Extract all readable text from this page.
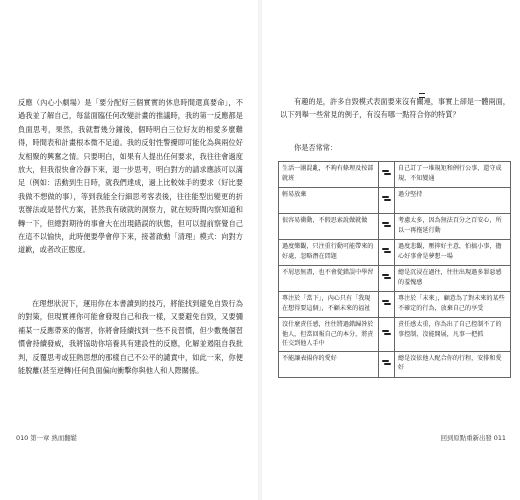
反應（內心小劇場）是「要分配好三個實實的休息時間還真要命」，不過我並了解自己，每當面臨任何改變計畫的推議時，我的第一反應都是負面思考，果然，我就暫幾分鐘後，個時明白三位好友的相愛多麼難得，時間表和計畫根本微不足道。我的反射性警擾即可能化為與兩位好友相聚的興奮之情。只要明白，如果有人提出任何要求，我往往會過度放大，但我很快會冷靜下來，退一步思考，明白對方的請求應該可以滿足（例如：活動到生日時，就我們達成，過上比較妹手的要求（好比要我做不想做的事），等到我能全行細思考客表後，往往能型出變更的折衷辦法或是替代方案，甚然我有破就的洞察力，就在短時間內察知道和轉一下，但總對期待的事會大在出現錯誤的狀態，但可以提前察覺自己在這不以愉快，此時便要學會停下來，接著啟動「清理」模式：向對方道歉，或者改正態度。

在理想狀況下，運用你在本書讀到的技巧，將能找到避免自毀行為的對策，但現實裡你可能會發現自己和我一樣，又要避免自毀，又要彌補某一反應帶來的傷害，你將會陸續找到一些不良習慣，但少數幾個習慣會持續發威，我將協助你培養具有建設性的反應，化解並遏阻自我批判，反覆思考或狂熱思想的那樣自己不公平的譴責中，如此一來，你便能脫離(甚至逆轉)任何負面偏向衝擊你與他人和人際關係。

010 第一章 熟而翻鬆

有趣的是，許多自毀模式表面要來沒有關連，事實上卻是一體兩面，以下列舉一些常見的例子，有沒有哪一點符合你的特質？

你是否常常：

生活一團混亂，不夠有條理及按部就班		自己訂了一堆規矩和例行公事，還守成規，不知變通
輕易放棄		過分堅持
很容易衝動，不假思索說做就做		考慮太多，因為無法百分之百安心，所以一再拖延行動
過度樂觀，只注重行動可能帶來的好處，忽略潛在問題		過度悲觀，壓抑好主意，怕搞小事，擔心好事會是夢想一場
不屑思無盡，也不會從錯誤中學習		總是沉浸在過往，往往出現過多罪惡感的羞愧感
專注於「當下」，內心只有「我現在想得要這個」，不顧未來的福祉		專注於「未來」，顧意為了對未來的某些不確定的行為，放棄自己的享受
沒什麼責任感，往往將過錯歸咎於他人，但當回報自己的本分，將責任交到他人手中		責任感太重，你為出了自己控制不了的事控制，沒能開展，凡事一把抓
不能讓表揚你的愛好		總是沒依他人配合你的行程，安排和愛好
回到原點重新出發 011
